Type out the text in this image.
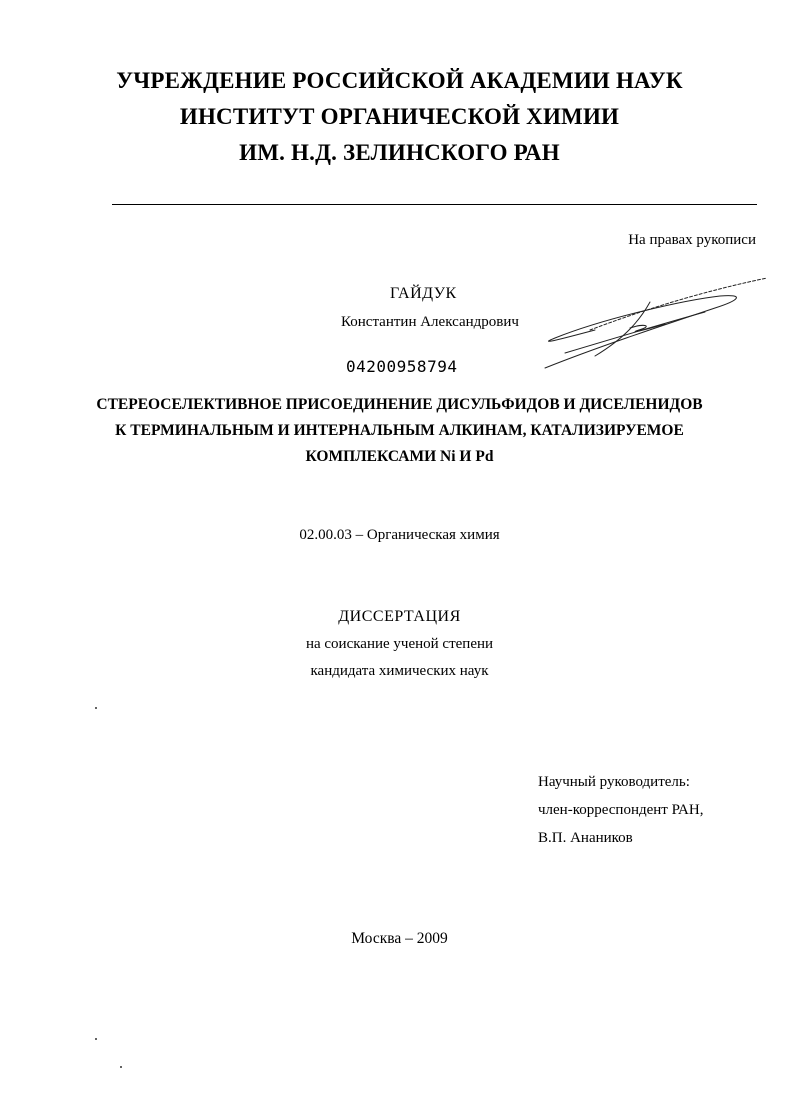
УЧРЕЖДЕНИЕ РОССИЙСКОЙ АКАДЕМИИ НАУК
ИНСТИТУТ ОРГАНИЧЕСКОЙ ХИМИИ
ИМ. Н.Д. ЗЕЛИНСКОГО РАН
На правах рукописи
ГАЙДУК
Константин Александрович
04200958794
СТЕРЕОСЕЛЕКТИВНОЕ ПРИСОЕДИНЕНИЕ ДИСУЛЬФИДОВ И ДИСЕЛЕНИДОВ
К ТЕРМИНАЛЬНЫМ И ИНТЕРНАЛЬНЫМ АЛКИНАМ, КАТАЛИЗИРУЕМОЕ
КОМПЛЕКСАМИ Ni И Pd
02.00.03 – Органическая химия
ДИССЕРТАЦИЯ
на соискание ученой степени
кандидата химических наук
Научный руководитель:
член-корреспондент РАН,
В.П. Анаников
Москва – 2009
